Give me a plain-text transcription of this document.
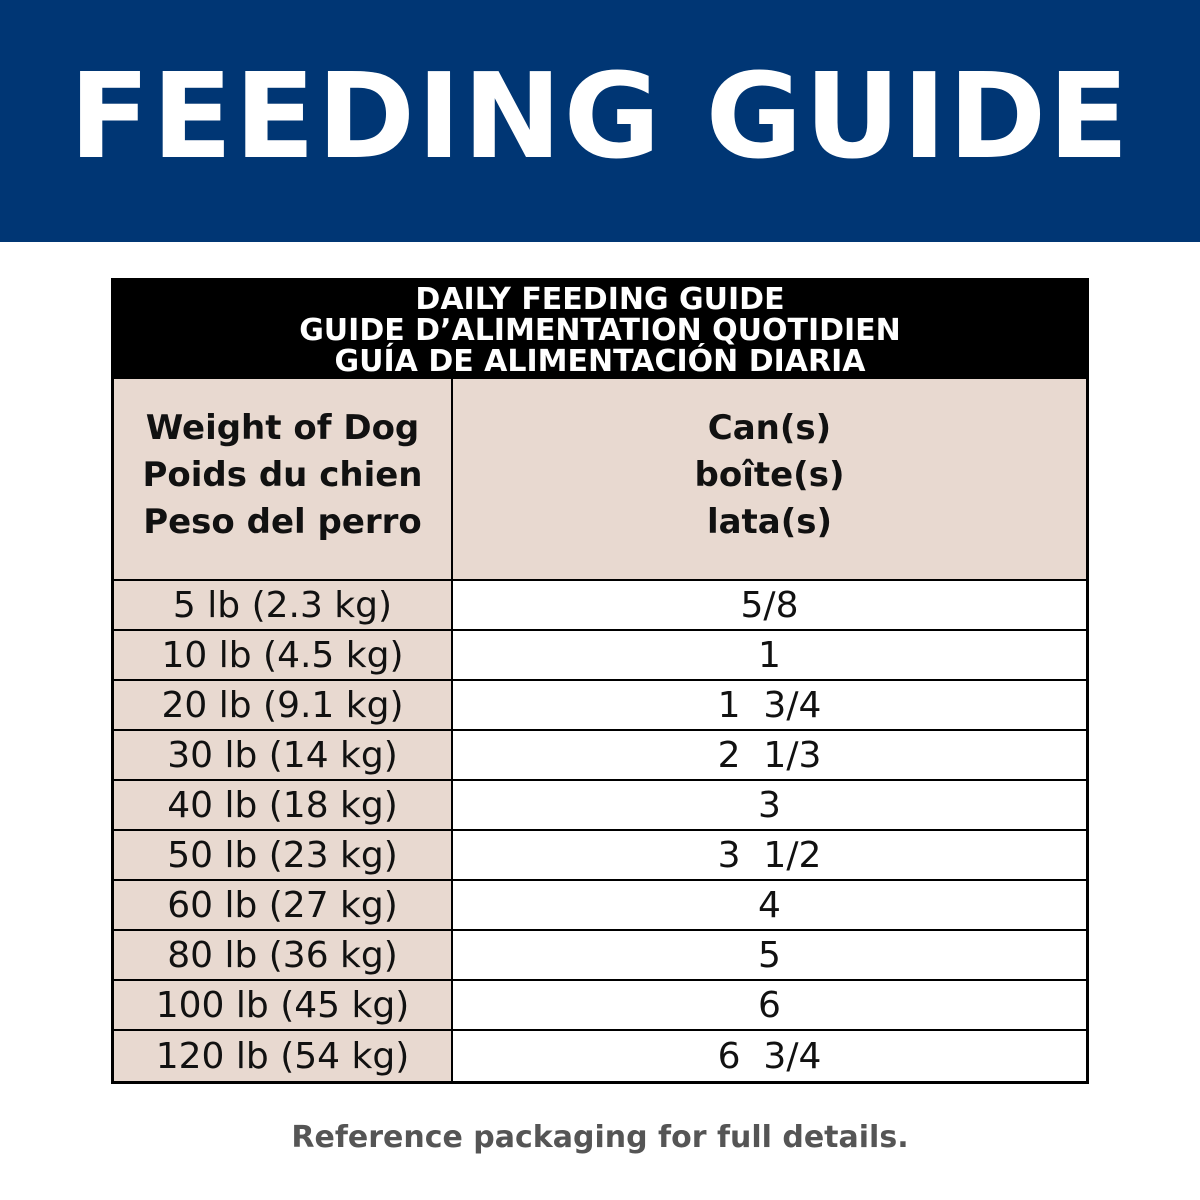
FEEDING GUIDE
DAILY FEEDING GUIDE
GUIDE D’ALIMENTATION QUOTIDIEN
GUÍA DE ALIMENTACIÓN DIARIA
Weight of Dog
Poids du chien
Peso del perro
Can(s)
boîte(s)
lata(s)
5 lb (2.3 kg)	5/8
10 lb (4.5 kg)	1
20 lb (9.1 kg)	1  3/4
30 lb (14 kg)	2  1/3
40 lb (18 kg)	3
50 lb (23 kg)	3  1/2
60 lb (27 kg)	4
80 lb (36 kg)	5
100 lb (45 kg)	6
120 lb (54 kg)	6  3/4
Reference packaging for full details.
